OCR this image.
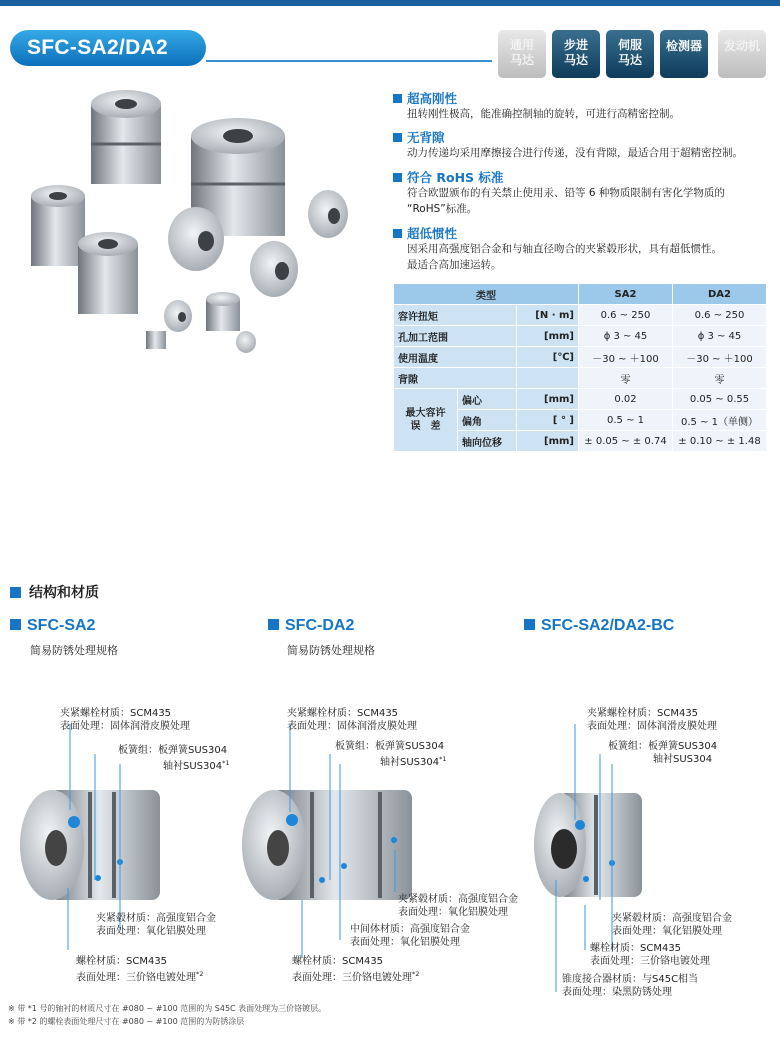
SFC-SA2/DA2	通用
马达
步进
马达
伺服
马达
检测器	发动机
超高刚性
扭转刚性极高，能准确控制轴的旋转，可进行高精密控制。
无背隙
动力传递均采用摩擦接合进行传递，没有背隙，最适合用于超精密控制。
符合 RoHS 标准
符合欧盟颁布的有关禁止使用汞、铅等 6 种物质限制有害化学物质的
“RoHS”标准。
超低惯性
因采用高强度铝合金和与轴直径吻合的夹紧毂形状，具有超低惯性。
最适合高加速运转。
类型			SA2	DA2
容许扭矩		[N · m]	0.6 ~ 250	0.6 ~ 250
孔加工范围		[mm]	ϕ 3 ~ 45	ϕ 3 ~ 45
使用温度		[℃]	－30 ~ ＋100	－30 ~ ＋100
背隙			零	零
最大容许
误　差	偏心	[mm]	0.02	0.05 ~ 0.55
	偏角	[ ° ]	0.5 ~ 1	0.5 ~ 1（单侧）
	轴向位移	[mm]	± 0.05 ~ ± 0.74	± 0.10 ~ ± 1.48
结构和材质
SFC-SA2
简易防锈处理规格
SFC-DA2
简易防锈处理规格
SFC-SA2/DA2-BC
夹紧螺栓材质：SCM435
表面处理：固体润滑皮膜处理
板簧组：板弹簧SUS304
轴衬SUS304$^{*1}$
夹紧毂材质：高强度铝合金
表面处理：氧化铝膜处理
螺栓材质：SCM435
表面处理：三价铬电镀处理$^{*2}$
夹紧螺栓材质：SCM435
表面处理：固体润滑皮膜处理
板簧组：板弹簧SUS304
轴衬SUS304$^{*1}$
夹紧毂材质：高强度铝合金
表面处理：氧化铝膜处理
中间体材质：高强度铝合金
表面处理：氧化铝膜处理
螺栓材质：SCM435
表面处理：三价铬电镀处理$^{*2}$
夹紧螺栓材质：SCM435
表面处理：固体润滑皮膜处理
板簧组：板弹簧SUS304
轴衬SUS304
夹紧毂材质：高强度铝合金
表面处理：氧化铝膜处理
螺栓材质：SCM435
表面处理：三价铬电镀处理
锥度接合器材质：与S45C相当
表面处理：染黑防锈处理
※ 带 *1 号的轴衬的材质尺寸在 #080 ~ #100 范围的为 S45C 表面处理为三价铬镀层。
※ 带 *2 的螺栓表面处理尺寸在 #080 ~ #100 范围的为防锈涂层
